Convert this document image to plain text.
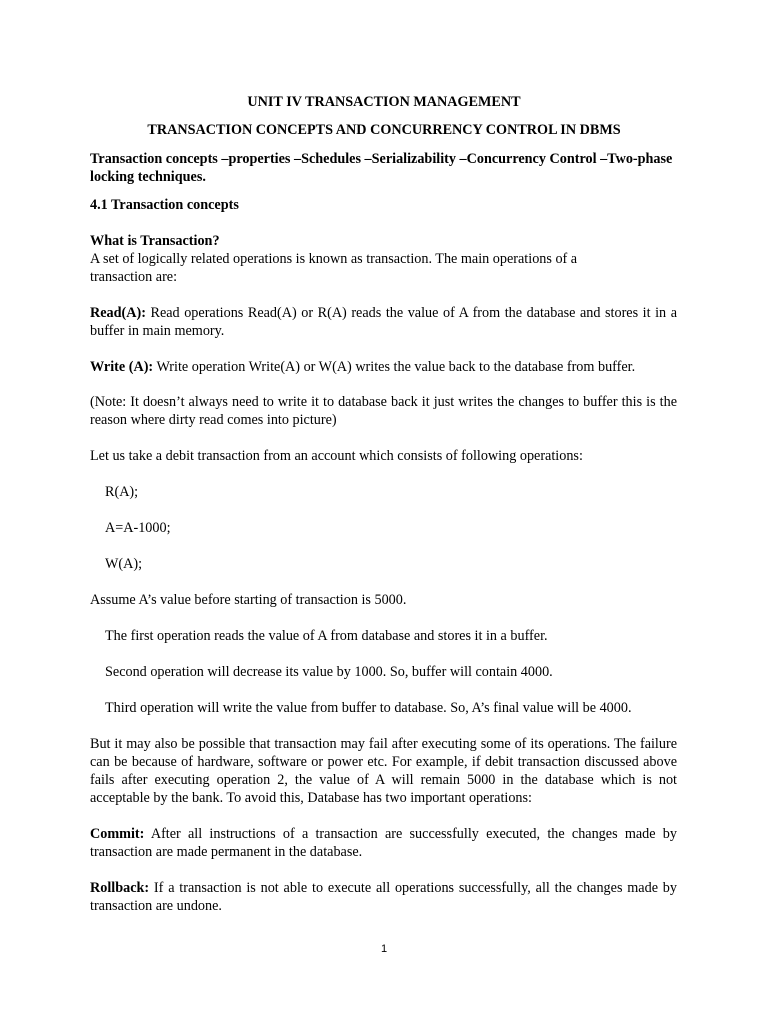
UNIT IV TRANSACTION MANAGEMENT
TRANSACTION CONCEPTS AND CONCURRENCY CONTROL IN DBMS

Transaction concepts –properties –Schedules –Serializability –Concurrency Control –Two-phase locking techniques.

4.1 Transaction concepts

What is Transaction?

A set of logically related operations is known as transaction. The main operations of a transaction are:

Read(A): Read operations Read(A) or R(A) reads the value of A from the database and stores it in a buffer in main memory.

Write (A): Write operation Write(A) or W(A) writes the value back to the database from buffer.

(Note: It doesn’t always need to write it to database back it just writes the changes to buffer this is the reason where dirty read comes into picture)

Let us take a debit transaction from an account which consists of following operations:

R(A);

A=A-1000;

W(A);

Assume A’s value before starting of transaction is 5000.

The first operation reads the value of A from database and stores it in a buffer.

Second operation will decrease its value by 1000. So, buffer will contain 4000.

Third operation will write the value from buffer to database. So, A’s final value will be 4000.

But it may also be possible that transaction may fail after executing some of its operations. The failure can be because of hardware, software or power etc. For example, if debit transaction discussed above fails after executing operation 2, the value of A will remain 5000 in the database which is not acceptable by the bank. To avoid this, Database has two important operations:

Commit: After all instructions of a transaction are successfully executed, the changes made by transaction are made permanent in the database.

Rollback: If a transaction is not able to execute all operations successfully, all the changes made by transaction are undone.

1
